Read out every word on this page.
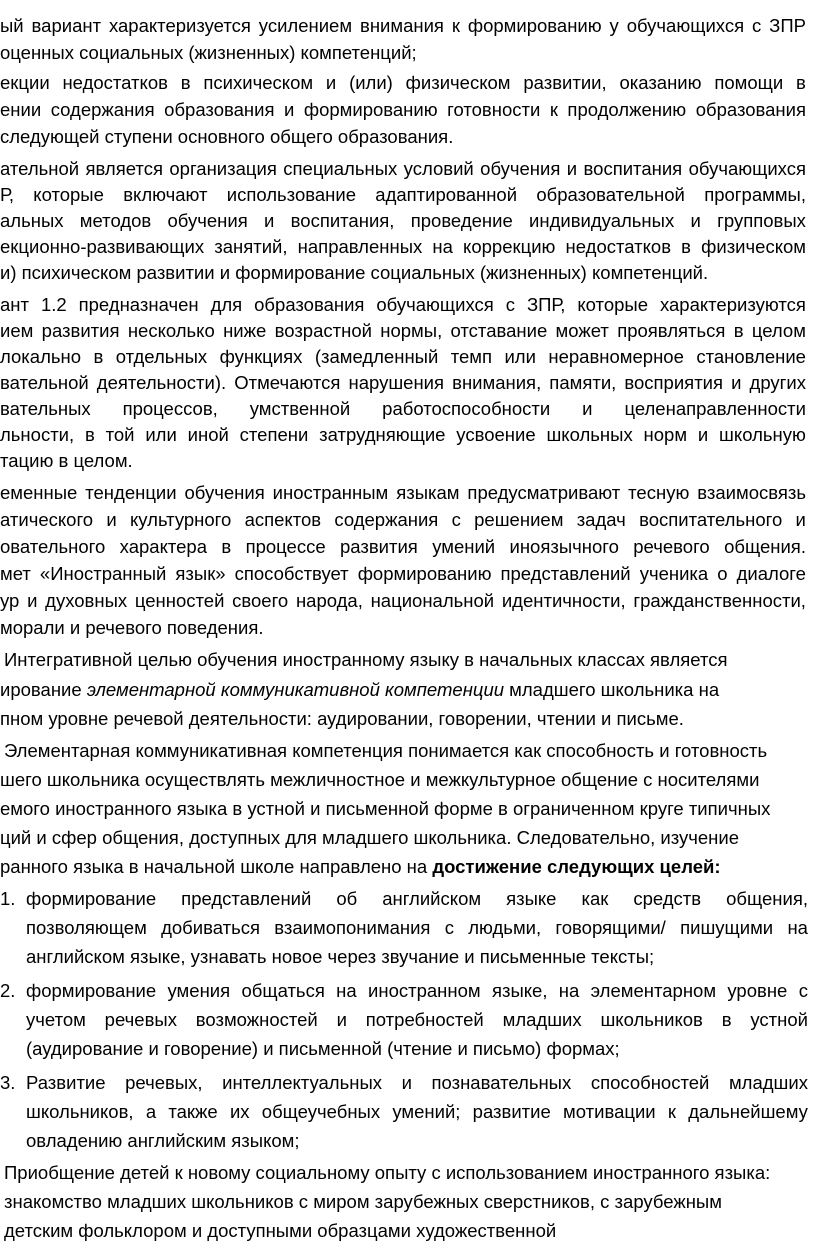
ый вариант характеризуется усилением внимания к формированию у обучающихся с ЗПР
оценных социальных (жизненных) компетенций;
екции недостатков в психическом и (или) физическом развитии, оказанию помощи в
ении содержания образования и формированию готовности к продолжению образования
следующей ступени основного общего образования.
ательной является организация специальных условий обучения и воспитания обучающихся
Р, которые включают использование адаптированной образовательной программы,
альных методов обучения и воспитания, проведение индивидуальных и групповых
екционно-развивающих занятий, направленных на коррекцию недостатков в физическом
и) психическом развитии и формирование социальных (жизненных) компетенций.
ант 1.2 предназначен для образования обучающихся с ЗПР, которые характеризуются
ием развития несколько ниже возрастной нормы, отставание может проявляться в целом
локально в отдельных функциях (замедленный темп или неравномерное становление
вательной деятельности). Отмечаются нарушения внимания, памяти, восприятия и других
вательных процессов, умственной работоспособности и целенаправленности
льности, в той или иной степени затрудняющие усвоение школьных норм и школьную
тацию в целом.
еменные тенденции обучения иностранным языкам предусматривают тесную взаимосвязь
атического и культурного аспектов содержания с решением задач воспитательного и
овательного характера в процессе развития умений иноязычного речевого общения.
мет «Иностранный язык» способствует формированию представлений ученика о диалоге
ур и духовных ценностей своего народа, национальной идентичности, гражданственности,
морали и речевого поведения.
Интегративной целью обучения иностранному языку в начальных классах является
ирование элементарной коммуникативной компетенции младшего школьника на
пном уровне речевой деятельности: аудировании, говорении, чтении и письме.
Элементарная коммуникативная компетенция понимается как способность и готовность
шего школьника осуществлять межличностное и межкультурное общение с носителями
емого иностранного языка в устной и письменной форме в ограниченном круге типичных
ций и сфер общения, доступных для младшего школьника. Следовательно, изучение
ранного языка в начальной школе направлено на достижение следующих целей:
1. формирование представлений об английском языке как средств общения,
позволяющем добиваться взаимопонимания с людьми, говорящими/ пишущими на
английском языке, узнавать новое через звучание и письменные тексты;
2. формирование умения общаться на иностранном языке, на элементарном уровне с
учетом речевых возможностей и потребностей младших школьников в устной
(аудирование и говорение) и письменной (чтение и письмо) формах;
3. Развитие речевых, интеллектуальных и познавательных способностей младших
школьников, а также их общеучебных умений; развитие мотивации к дальнейшему
овладению английским языком;
Приобщение детей к новому социальному опыту с использованием иностранного языка:
знакомство младших школьников с миром зарубежных сверстников, с зарубежным
детским фольклором и доступными образцами художественной
